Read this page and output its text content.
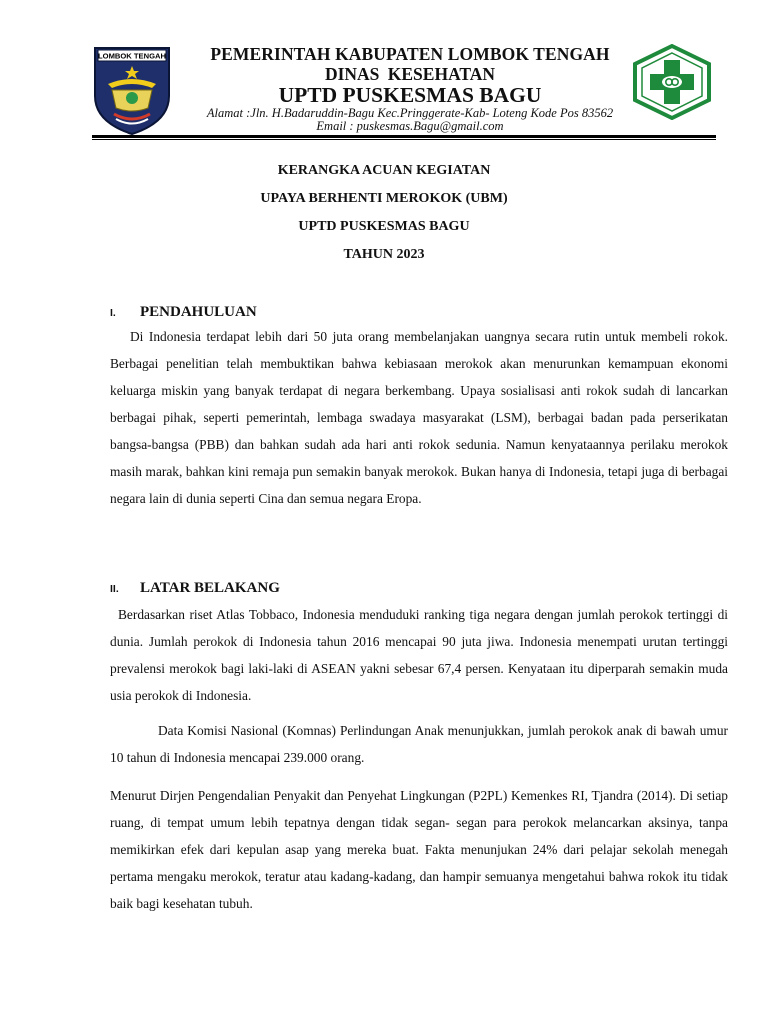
LOMBOK TENGAH	PEMERINTAH KABUPATEN LOMBOK TENGAH
DINAS KESEHATAN
UPTD PUSKESMAS BAGU
Alamat :Jln. H.Badaruddin-Bagu Kec.Pringgerate-Kab- Loteng Kode Pos 83562
Email : puskesmas.Bagu@gmail.com
KERANGKA ACUAN KEGIATAN
UPAYA BERHENTI MEROKOK (UBM)
UPTD PUSKESMAS BAGU
TAHUN 2023
I. PENDAHULUAN
Di Indonesia terdapat lebih dari 50 juta orang membelanjakan uangnya secara rutin untuk membeli rokok. Berbagai penelitian telah membuktikan bahwa kebiasaan merokok akan menurunkan kemampuan ekonomi keluarga miskin yang banyak terdapat di negara berkembang. Upaya sosialisasi anti rokok sudah di lancarkan berbagai pihak, seperti pemerintah, lembaga swadaya masyarakat (LSM), berbagai badan pada perserikatan bangsa-bangsa (PBB) dan bahkan sudah ada hari anti rokok sedunia. Namun kenyataannya perilaku merokok masih marak, bahkan kini remaja pun semakin banyak merokok. Bukan hanya di Indonesia, tetapi juga di berbagai negara lain di dunia seperti Cina dan semua negara Eropa.
II. LATAR BELAKANG
Berdasarkan riset Atlas Tobbaco, Indonesia menduduki ranking tiga negara dengan jumlah perokok tertinggi di dunia. Jumlah perokok di Indonesia tahun 2016 mencapai 90 juta jiwa. Indonesia menempati urutan tertinggi prevalensi merokok bagi laki-laki di ASEAN yakni sebesar 67,4 persen. Kenyataan itu diperparah semakin muda usia perokok di Indonesia.
Data Komisi Nasional (Komnas) Perlindungan Anak menunjukkan, jumlah perokok anak di bawah umur 10 tahun di Indonesia mencapai 239.000 orang.
Menurut Dirjen Pengendalian Penyakit dan Penyehat Lingkungan (P2PL) Kemenkes RI, Tjandra (2014). Di setiap ruang, di tempat umum lebih tepatnya dengan tidak segan- segan para perokok melancarkan aksinya, tanpa memikirkan efek dari kepulan asap yang mereka buat. Fakta menunjukan 24% dari pelajar sekolah menegah pertama mengaku merokok, teratur atau kadang-kadang, dan hampir semuanya mengetahui bahwa rokok itu tidak baik bagi kesehatan tubuh.
